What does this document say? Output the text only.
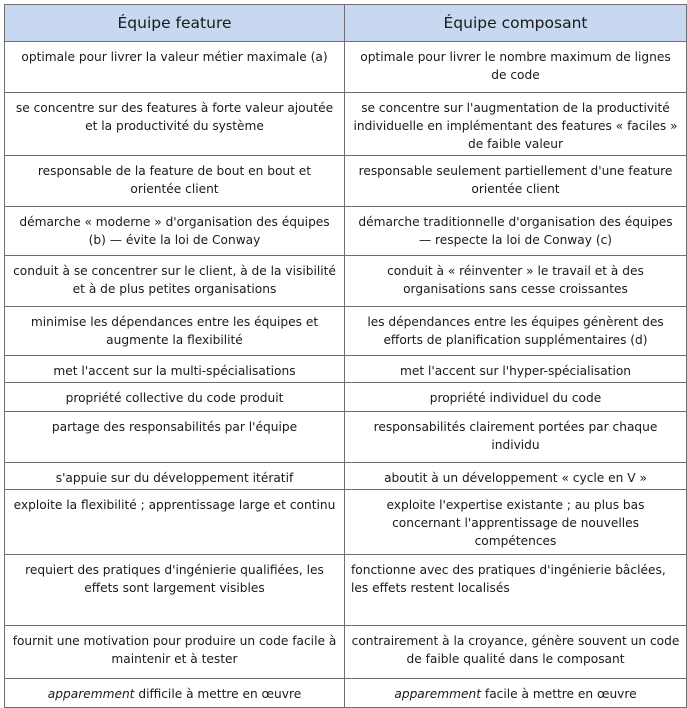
Équipe feature	Équipe composant
optimale pour livrer la valeur métier maximale (a)	optimale pour livrer le nombre maximum de lignes de code
se concentre sur des features à forte valeur ajoutée et la productivité du système	se concentre sur l'augmentation de la productivité individuelle en implémentant des features « faciles » de faible valeur
responsable de la feature de bout en bout et orientée client	responsable seulement partiellement d'une feature orientée client
démarche « moderne » d'organisation des équipes (b) — évite la loi de Conway	démarche traditionnelle d'organisation des équipes — respecte la loi de Conway (c)
conduit à se concentrer sur le client, à de la visibilité et à de plus petites organisations	conduit à « réinventer » le travail et à des organisations sans cesse croissantes
minimise les dépendances entre les équipes et augmente la flexibilité	les dépendances entre les équipes génèrent des efforts de planification supplémentaires (d)
met l'accent sur la multi-spécialisations	met l'accent sur l'hyper-spécialisation
propriété collective du code produit	propriété individuel du code
partage des responsabilités par l'équipe	responsabilités clairement portées par chaque individu
s'appuie sur du développement itératif	aboutit à un développement « cycle en V »
exploite la flexibilité ; apprentissage large et continu	exploite l'expertise existante ; au plus bas concernant l'apprentissage de nouvelles compétences
requiert des pratiques d'ingénierie qualifiées, les effets sont largement visibles	fonctionne avec des pratiques d'ingénierie bâclées, les effets restent localisés
fournit une motivation pour produire un code facile à maintenir et à tester	contrairement à la croyance, génère souvent un code de faible qualité dans le composant
apparemment difficile à mettre en œuvre	apparemment facile à mettre en œuvre
